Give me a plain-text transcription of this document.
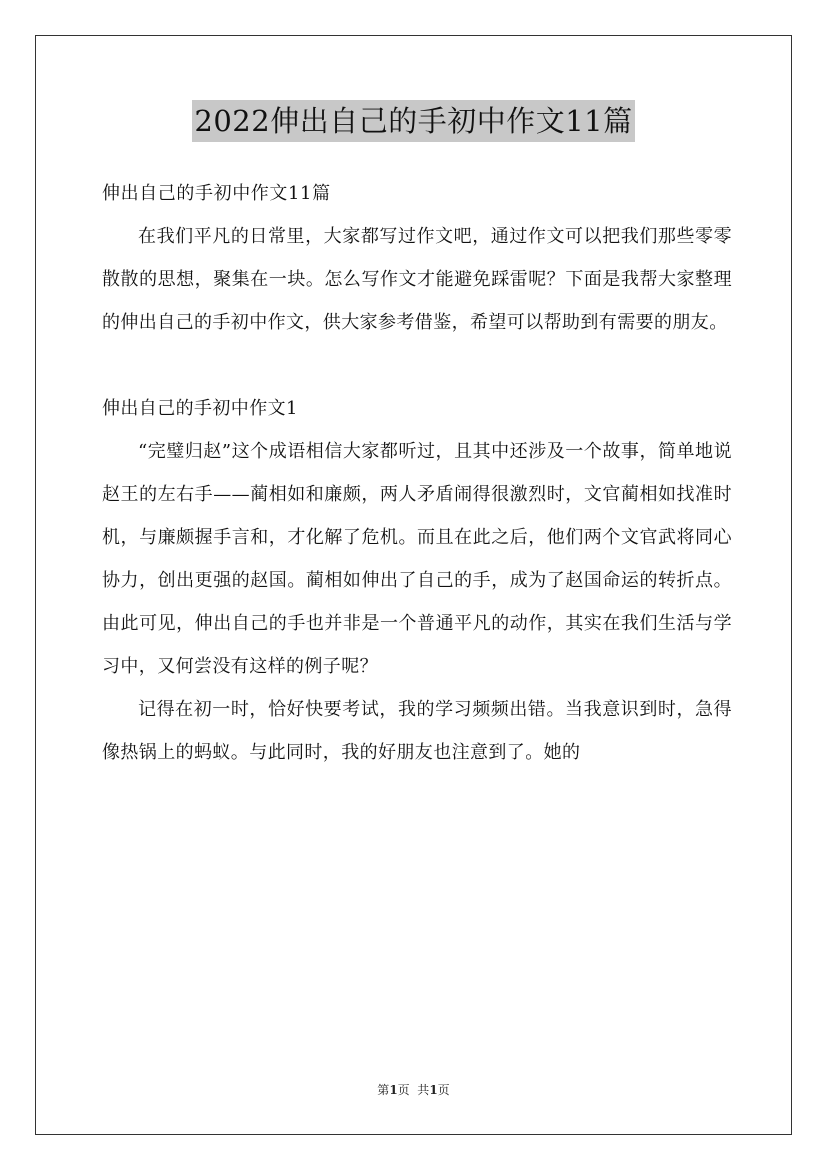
2022伸出自己的手初中作文11篇

伸出自己的手初中作文11篇

在我们平凡的日常里，大家都写过作文吧，通过作文可以把我们那些零零散散的思想，聚集在一块。怎么写作文才能避免踩雷呢？下面是我帮大家整理的伸出自己的手初中作文，供大家参考借鉴，希望可以帮助到有需要的朋友。

伸出自己的手初中作文1

“完璧归赵”这个成语相信大家都听过，且其中还涉及一个故事，简单地说赵王的左右手——蔺相如和廉颇，两人矛盾闹得很激烈时，文官蔺相如找准时机，与廉颇握手言和，才化解了危机。而且在此之后，他们两个文官武将同心协力，创出更强的赵国。蔺相如伸出了自己的手，成为了赵国命运的转折点。由此可见，伸出自己的手也并非是一个普通平凡的动作，其实在我们生活与学习中，又何尝没有这样的例子呢？

记得在初一时，恰好快要考试，我的学习频频出错。当我意识到时，急得像热锅上的蚂蚁。与此同时，我的好朋友也注意到了。她的

第1页  共1页
